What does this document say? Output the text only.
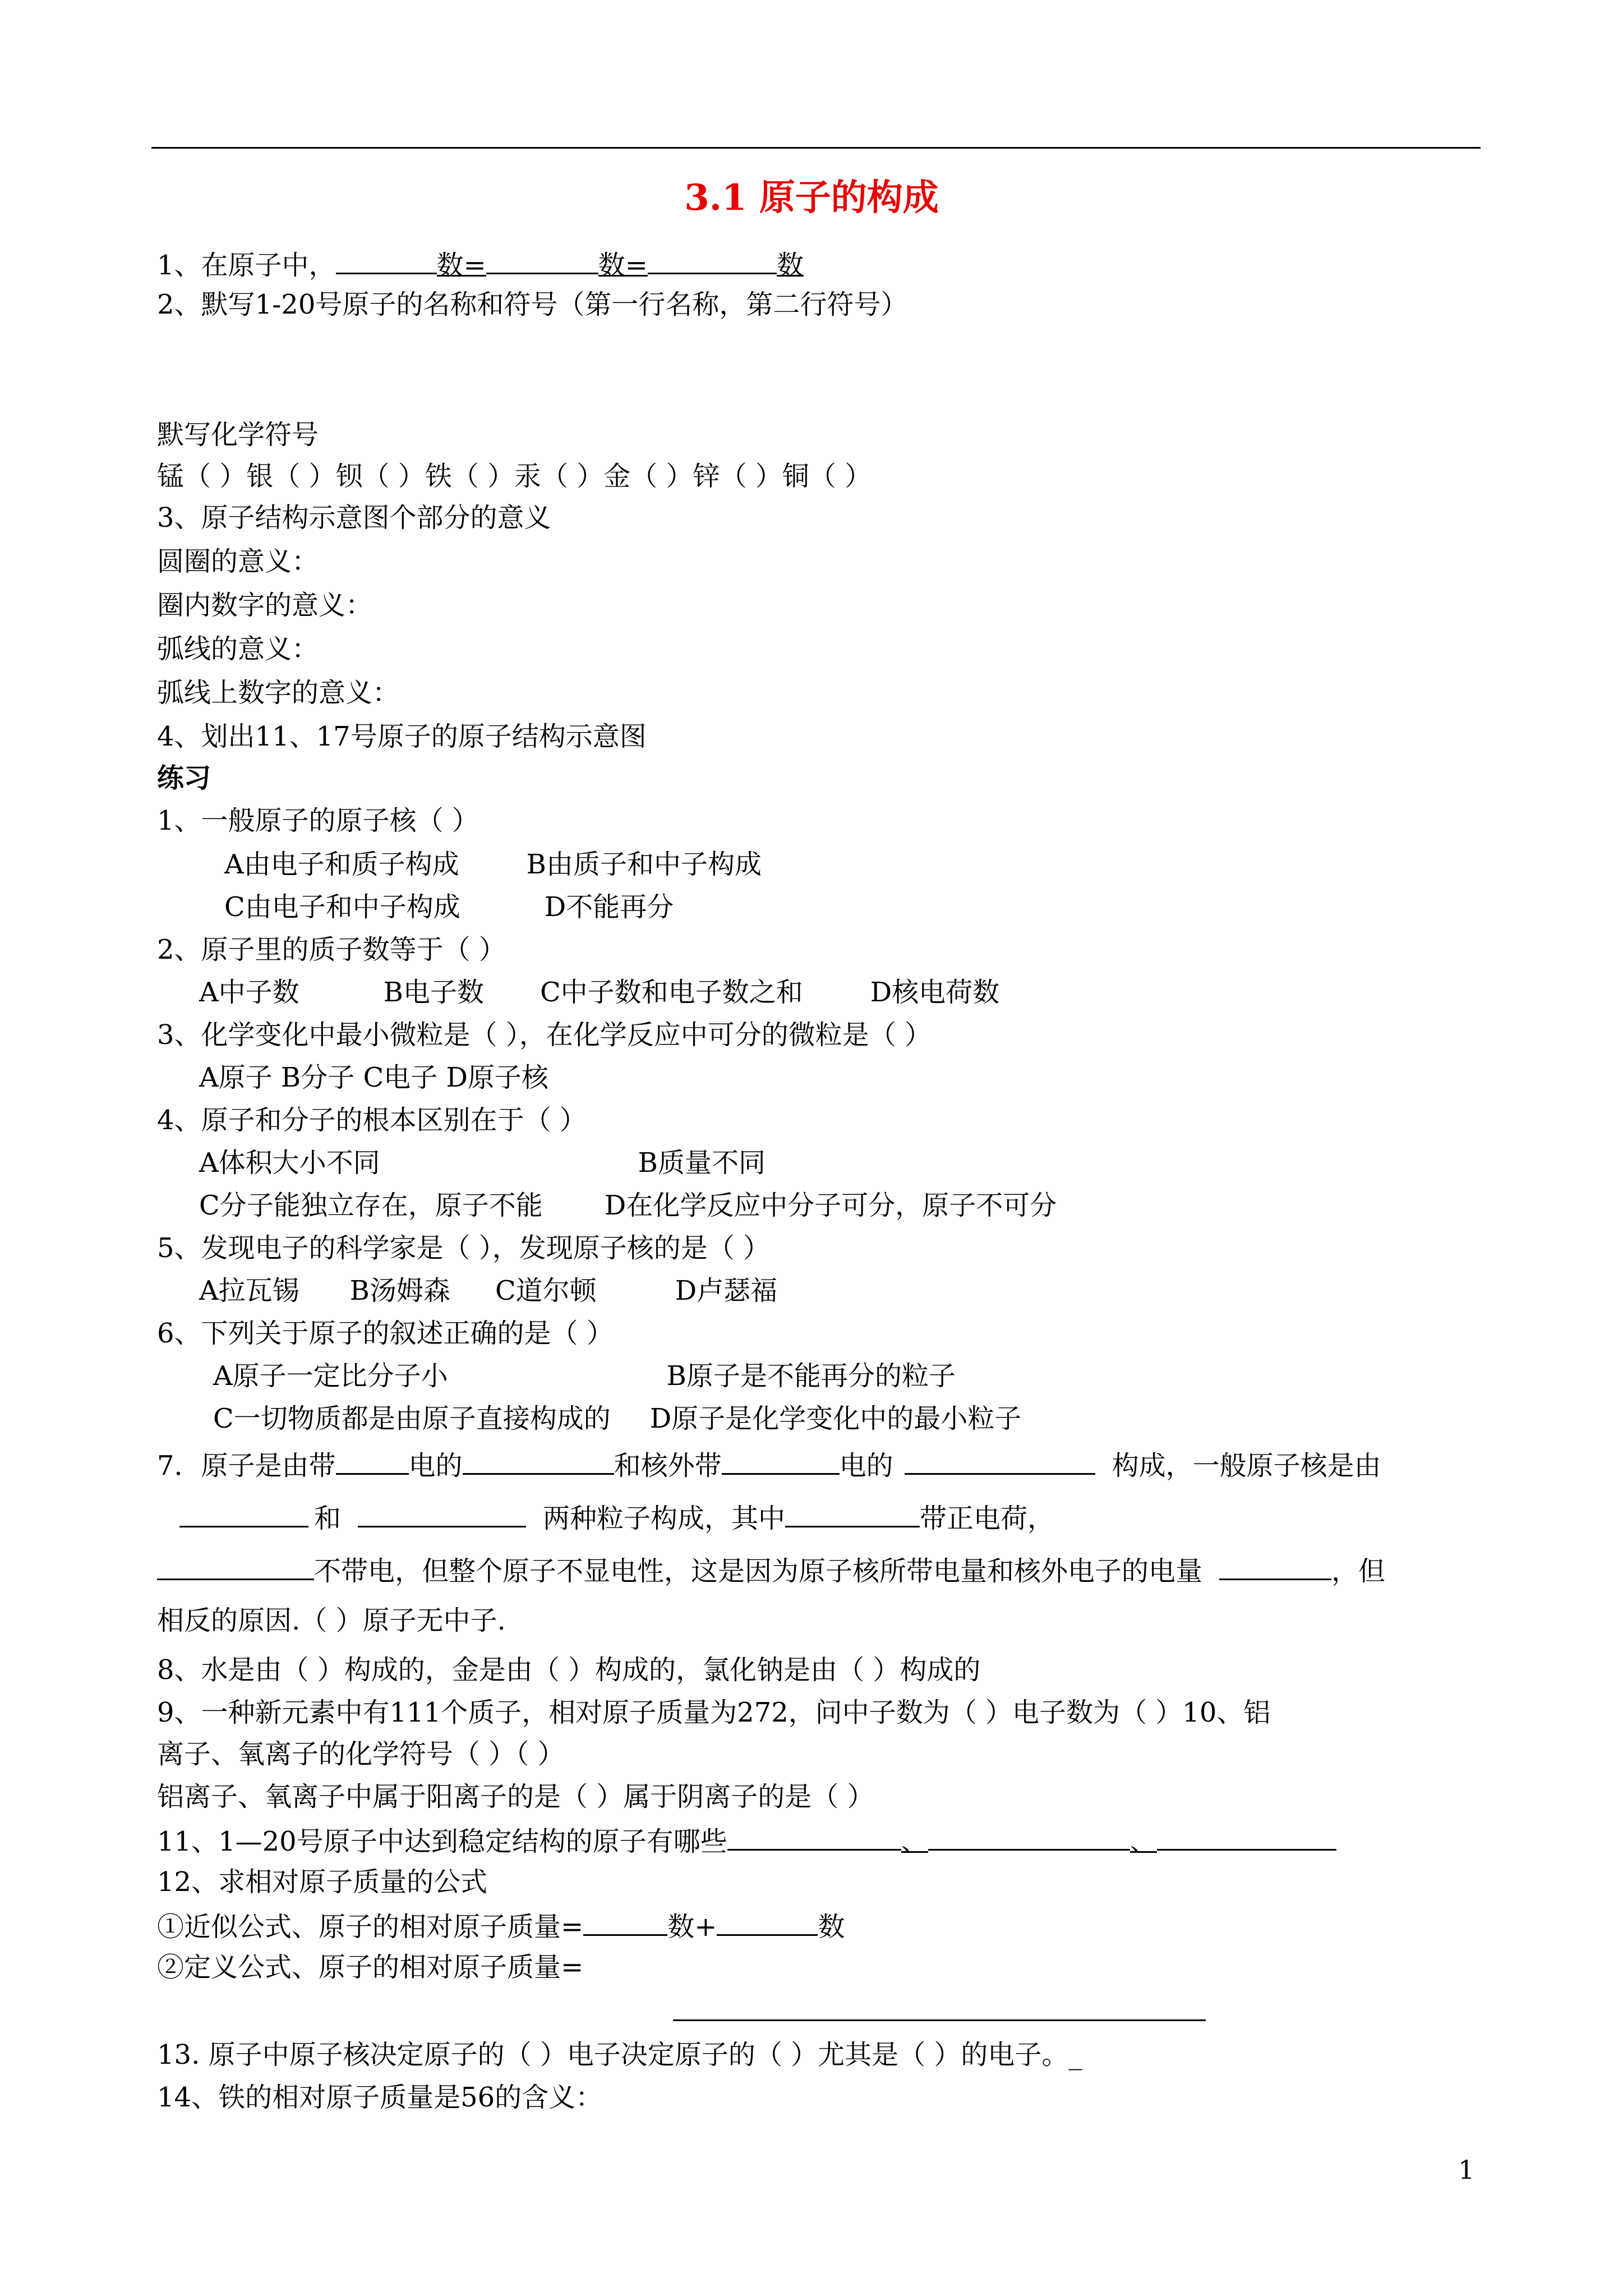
3.1 原子的构成
1、在原子中，	数=	数=	数
2、默写1-20号原子的名称和符号（第一行名称，第二行符号）
默写化学符号
锰（ ）银（ ）钡（ ）铁（ ）汞（ ）金（ ）锌（ ）铜（ ）
3、原子结构示意图个部分的意义
圆圈的意义：
圈内数字的意义：
弧线的意义：
弧线上数字的意义：
4、划出11、17号原子的原子结构示意图
练习
1、一般原子的原子核（ ）
A由电子和质子构成	B由质子和中子构成
C由电子和中子构成	D不能再分
2、原子里的质子数等于（ ）
A中子数	B电子数 C中子数和电子数之和	D核电荷数
3、化学变化中最小微粒是（ ），在化学反应中可分的微粒是（ ）
A原子 B分子 C电子 D原子核
4、原子和分子的根本区别在于（ ）
A体积大小不同	B质量不同
C分子能独立存在，原子不能 D在化学反应中分子可分，原子不可分
5、发现电子的科学家是（ ），发现原子核的是（ ）
A拉瓦锡 B汤姆森 C道尔顿	D卢瑟福
6、下列关于原子的叙述正确的是（ ）
A原子一定比分子小	B原子是不能再分的粒子
C一切物质都是由原子直接构成的 D原子是化学变化中的最小粒子
7．原子是由带	电的	和核外带	电的	构成，一般原子核是由
和	两种粒子构成，其中	带正电荷，
不带电，但整个原子不显电性，这是因为原子核所带电量和核外电子的电量	，但
相反的原因.（ ）原子无中子.
8、水是由（ ）构成的，金是由（ ）构成的，氯化钠是由（ ）构成的
9、一种新元素中有111个质子，相对原子质量为272，问中子数为（ ）电子数为（ ）10、铝
离子、氧离子的化学符号（ ）（ ）
铝离子、氧离子中属于阳离子的是（ ）属于阴离子的是（ ）
11、1—20号原子中达到稳定结构的原子有哪些	、	、
12、求相对原子质量的公式
①近似公式、原子的相对原子质量=	数+	数
②定义公式、原子的相对原子质量=
13. 原子中原子核决定原子的（ ）电子决定原子的（ ）尤其是（ ）的电子。_
14、铁的相对原子质量是56的含义：
1
